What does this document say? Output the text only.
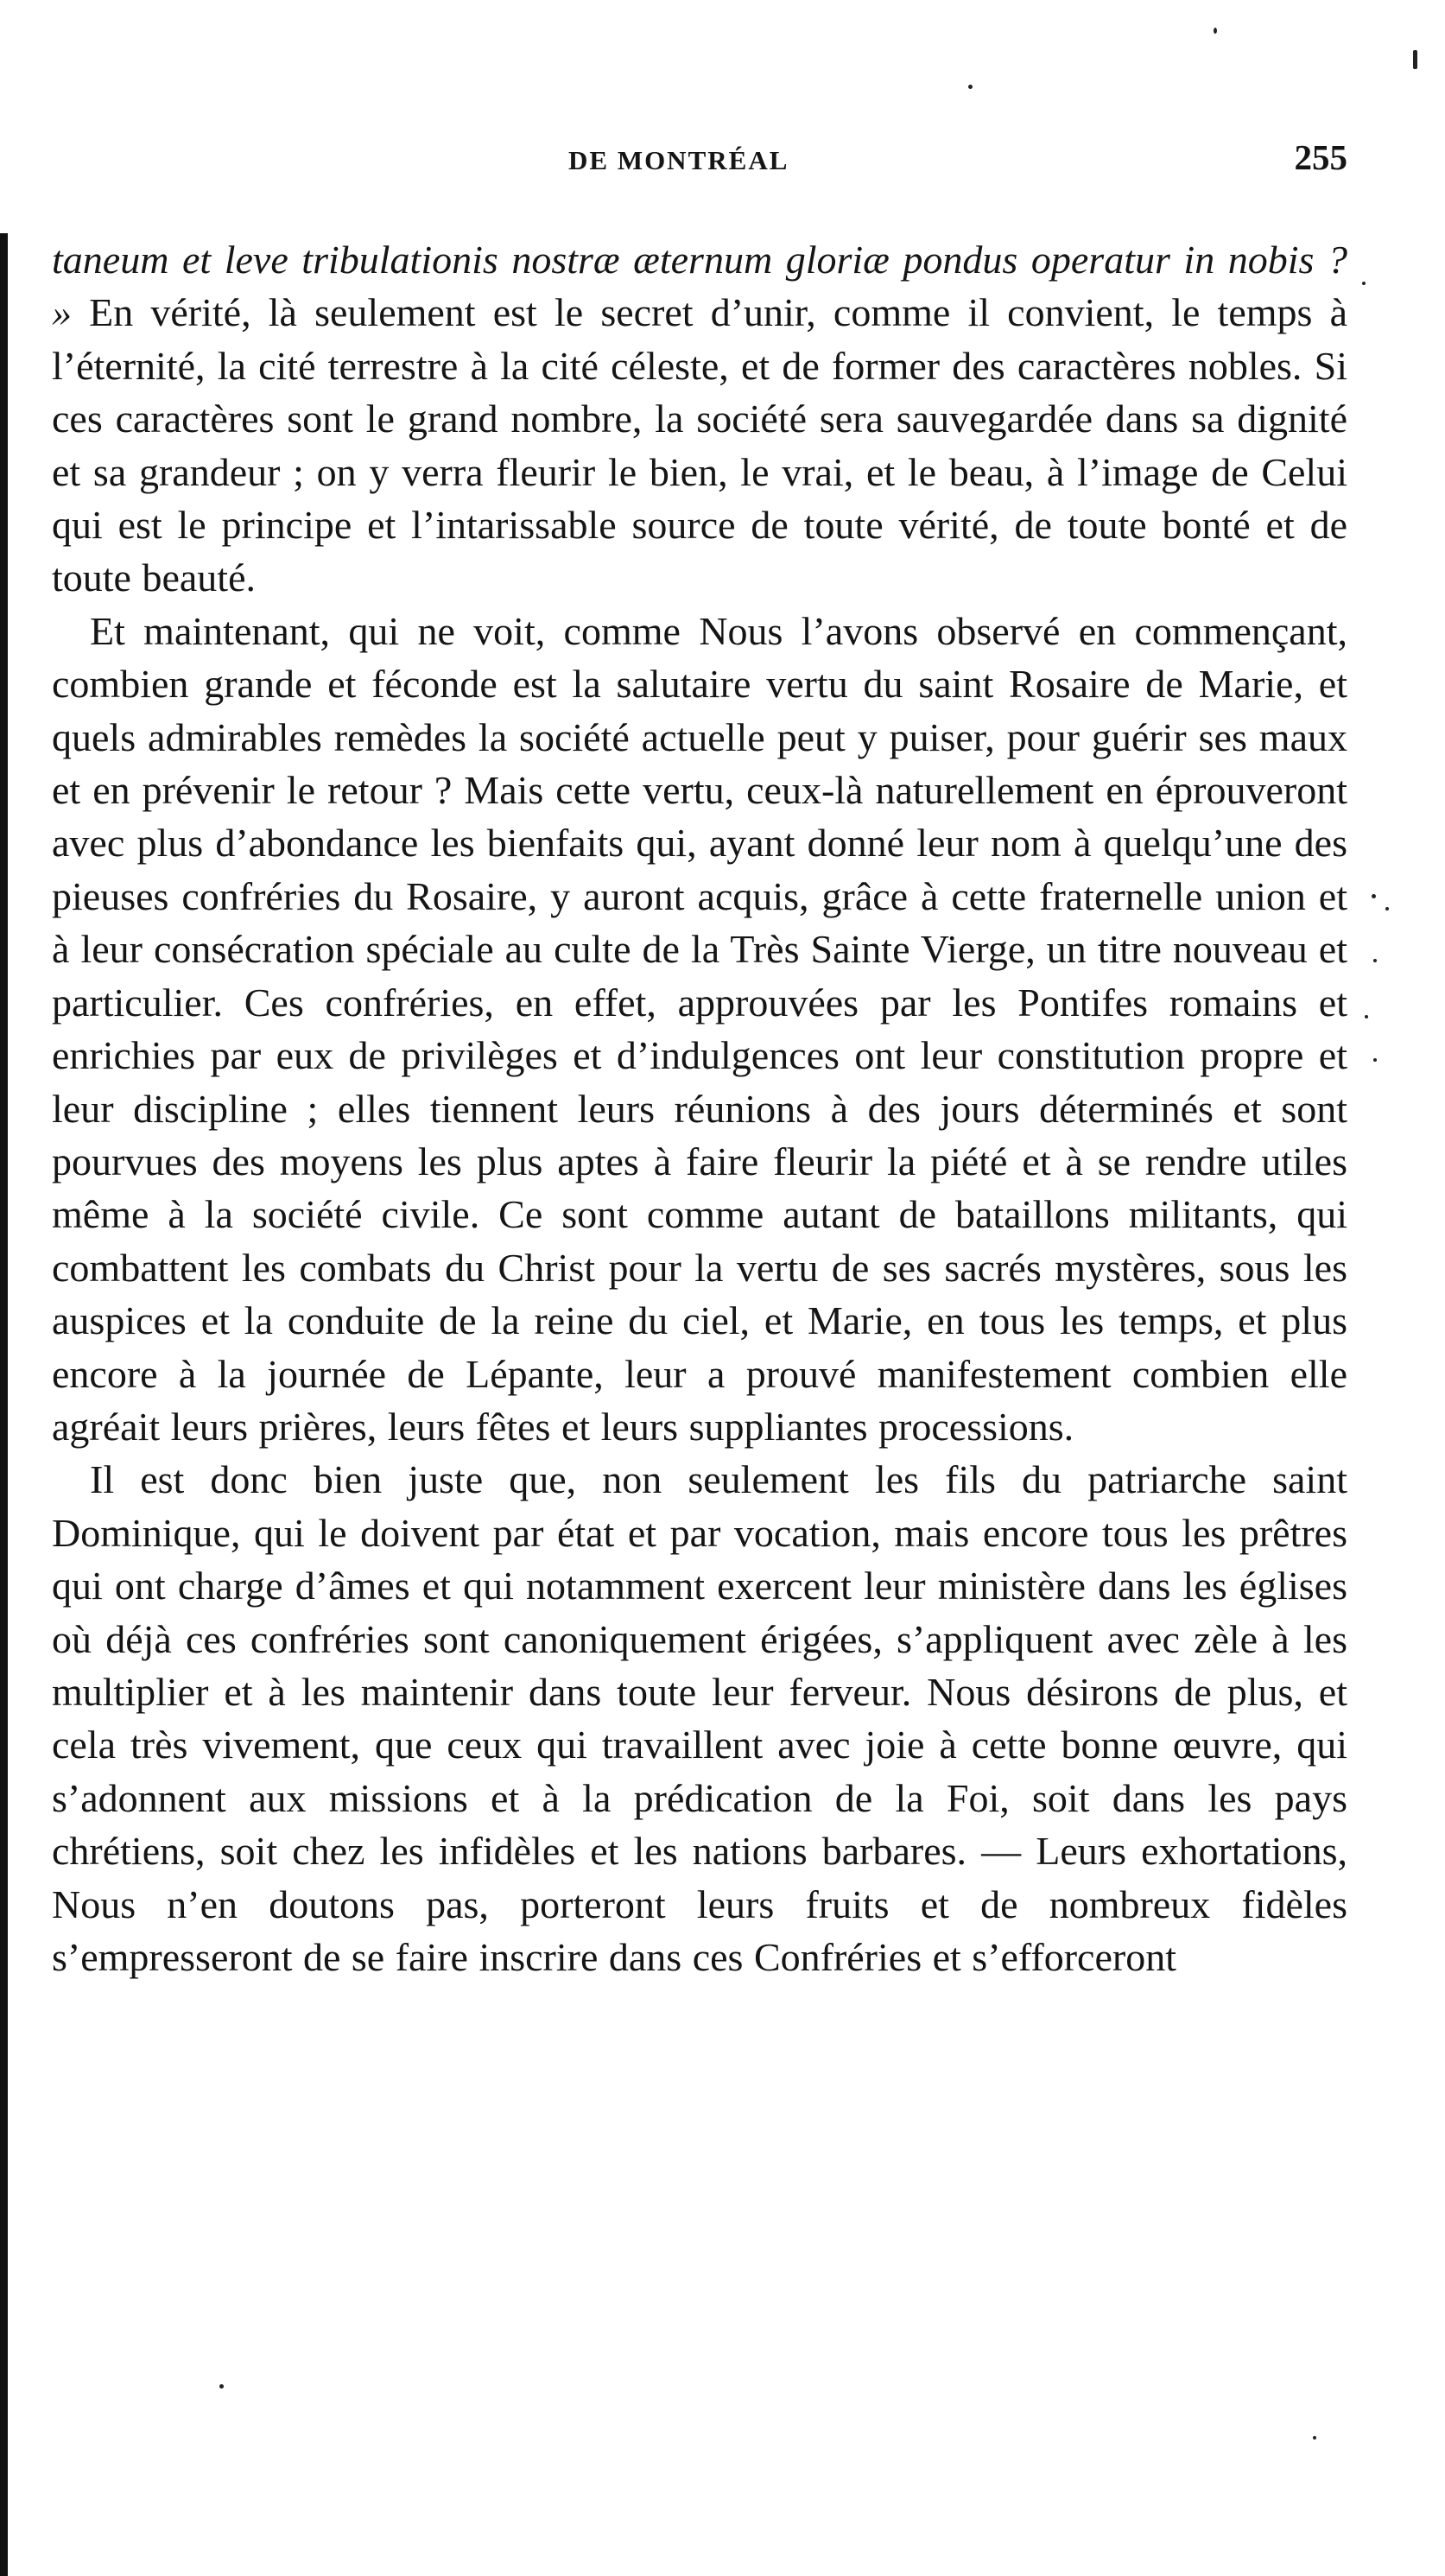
DE MONTRÉAL	255

taneum et leve tribulationis nostræ æternum gloriæ pondus operatur in nobis ? » En vérité, là seulement est le secret d’unir, comme il convient, le temps à l’éternité, la cité terrestre à la cité céleste, et de former des caractères nobles. Si ces caractères sont le grand nombre, la société sera sauvegardée dans sa dignité et sa grandeur ; on y verra fleurir le bien, le vrai, et le beau, à l’image de Celui qui est le principe et l’intarissable source de toute vérité, de toute bonté et de toute beauté.

Et maintenant, qui ne voit, comme Nous l’avons observé en commençant, combien grande et féconde est la salutaire vertu du saint Rosaire de Marie, et quels admirables remèdes la société actuelle peut y puiser, pour guérir ses maux et en prévenir le retour ? Mais cette vertu, ceux-là naturellement en éprouveront avec plus d’abondance les bienfaits qui, ayant donné leur nom à quelqu’une des pieuses confréries du Rosaire, y auront acquis, grâce à cette fraternelle union et à leur consécration spéciale au culte de la Très Sainte Vierge, un titre nouveau et particulier. Ces confréries, en effet, approuvées par les Pontifes romains et enrichies par eux de privilèges et d’indulgences ont leur constitution propre et leur discipline ; elles tiennent leurs réunions à des jours déterminés et sont pourvues des moyens les plus aptes à faire fleurir la piété et à se rendre utiles même à la société civile. Ce sont comme autant de bataillons militants, qui combattent les combats du Christ pour la vertu de ses sacrés mystères, sous les auspices et la conduite de la reine du ciel, et Marie, en tous les temps, et plus encore à la journée de Lépante, leur a prouvé manifestement combien elle agréait leurs prières, leurs fêtes et leurs suppliantes processions.

Il est donc bien juste que, non seulement les fils du patriarche saint Dominique, qui le doivent par état et par vocation, mais encore tous les prêtres qui ont charge d’âmes et qui notamment exercent leur ministère dans les églises où déjà ces confréries sont canoniquement érigées, s’appliquent avec zèle à les multiplier et à les maintenir dans toute leur ferveur. Nous désirons de plus, et cela très vivement, que ceux qui travaillent avec joie à cette bonne œuvre, qui s’adonnent aux missions et à la prédication de la Foi, soit dans les pays chrétiens, soit chez les infidèles et les nations barbares. — Leurs exhortations, Nous n’en doutons pas, porteront leurs fruits et de nombreux fidèles s’empresseront de se faire inscrire dans ces Confréries et s’efforceront
